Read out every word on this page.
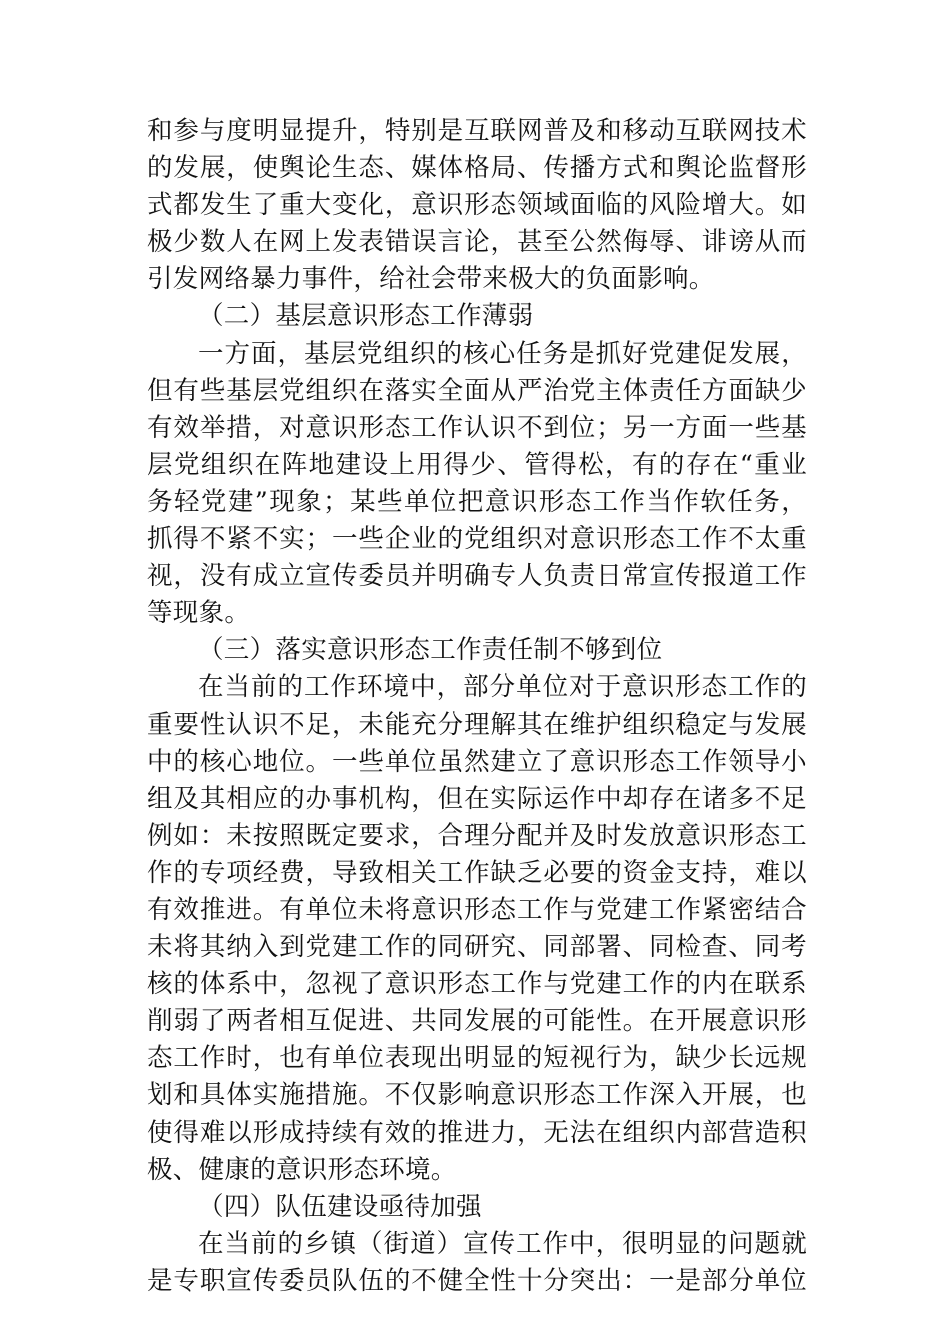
和参与度明显提升，特别是互联网普及和移动互联网技术
的发展，使舆论生态、媒体格局、传播方式和舆论监督形
式都发生了重大变化，意识形态领域面临的风险增大。如
极少数人在网上发表错误言论，甚至公然侮辱、诽谤从而
引发网络暴力事件，给社会带来极大的负面影响。
（二）基层意识形态工作薄弱
一方面，基层党组织的核心任务是抓好党建促发展，
但有些基层党组织在落实全面从严治党主体责任方面缺少
有效举措，对意识形态工作认识不到位；另一方面一些基
层党组织在阵地建设上用得少、管得松，有的存在“重业
务轻党建”现象；某些单位把意识形态工作当作软任务，
抓得不紧不实；一些企业的党组织对意识形态工作不太重
视，没有成立宣传委员并明确专人负责日常宣传报道工作
等现象。
（三）落实意识形态工作责任制不够到位
在当前的工作环境中，部分单位对于意识形态工作的
重要性认识不足，未能充分理解其在维护组织稳定与发展
中的核心地位。一些单位虽然建立了意识形态工作领导小
组及其相应的办事机构，但在实际运作中却存在诸多不足
例如：未按照既定要求，合理分配并及时发放意识形态工
作的专项经费，导致相关工作缺乏必要的资金支持，难以
有效推进。有单位未将意识形态工作与党建工作紧密结合
未将其纳入到党建工作的同研究、同部署、同检查、同考
核的体系中，忽视了意识形态工作与党建工作的内在联系
削弱了两者相互促进、共同发展的可能性。在开展意识形
态工作时，也有单位表现出明显的短视行为，缺少长远规
划和具体实施措施。不仅影响意识形态工作深入开展，也
使得难以形成持续有效的推进力，无法在组织内部营造积
极、健康的意识形态环境。
（四）队伍建设亟待加强
在当前的乡镇（街道）宣传工作中，很明显的问题就
是专职宣传委员队伍的不健全性十分突出：一是部分单位
